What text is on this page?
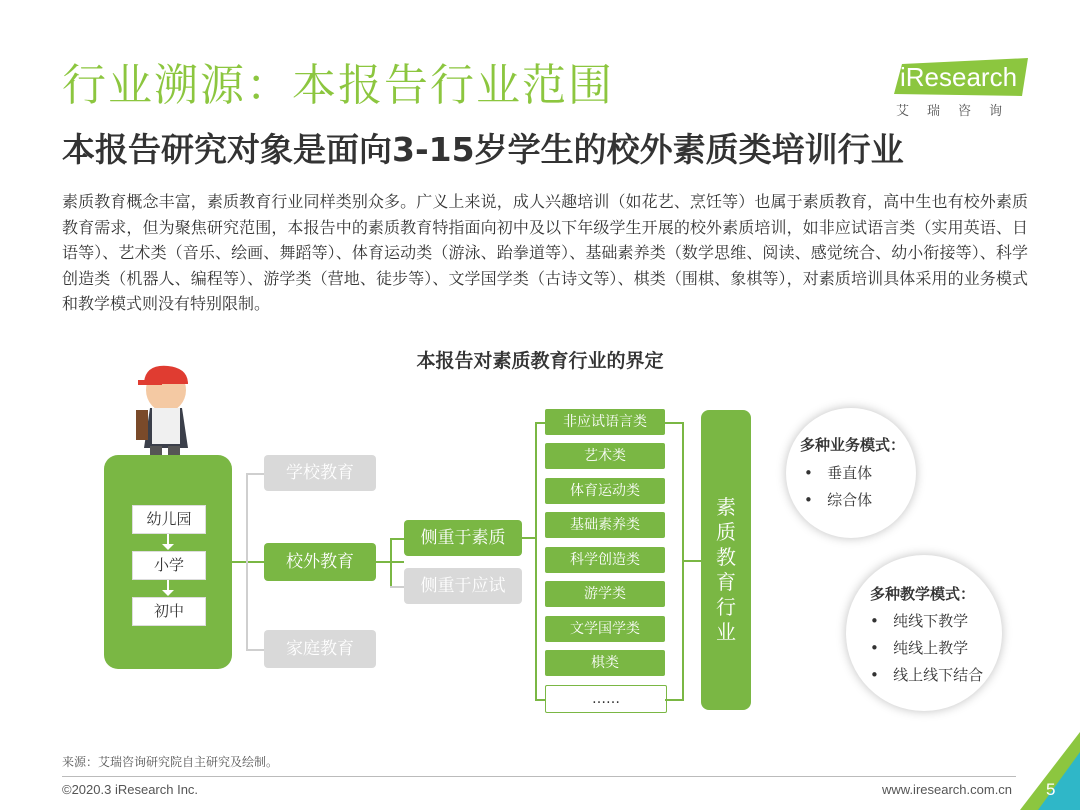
行业溯源：本报告行业范围
本报告研究对象是面向3-15岁学生的校外素质类培训行业
iResearch
艾瑞咨询
素质教育概念丰富，素质教育行业同样类别众多。广义上来说，成人兴趣培训（如花艺、烹饪等）也属于素质教育，高中生也有校外素质教育需求，但为聚焦研究范围，本报告中的素质教育特指面向初中及以下年级学生开展的校外素质培训，如非应试语言类（实用英语、日语等）、艺术类（音乐、绘画、舞蹈等）、体育运动类（游泳、跆拳道等）、基础素养类（数学思维、阅读、感觉统合、幼小衔接等）、科学创造类（机器人、编程等）、游学类（营地、徒步等）、文学国学类（古诗文等）、棋类（围棋、象棋等），对素质培训具体采用的业务模式和教学模式则没有特别限制。
本报告对素质教育行业的界定
幼儿园
小学
初中
学校教育
校外教育
家庭教育
侧重于素质
侧重于应试
非应试语言类
艺术类
体育运动类
基础素养类
科学创造类
游学类
文学国学类
棋类
……
素
质
教
育
行
业
多种业务模式：
•   垂直体
•   综合体
多种教学模式：
•   纯线下教学
•   纯线上教学
•   线上线下结合
来源：艾瑞咨询研究院自主研究及绘制。
©2020.3 iResearch Inc.	www.iresearch.com.cn 5
